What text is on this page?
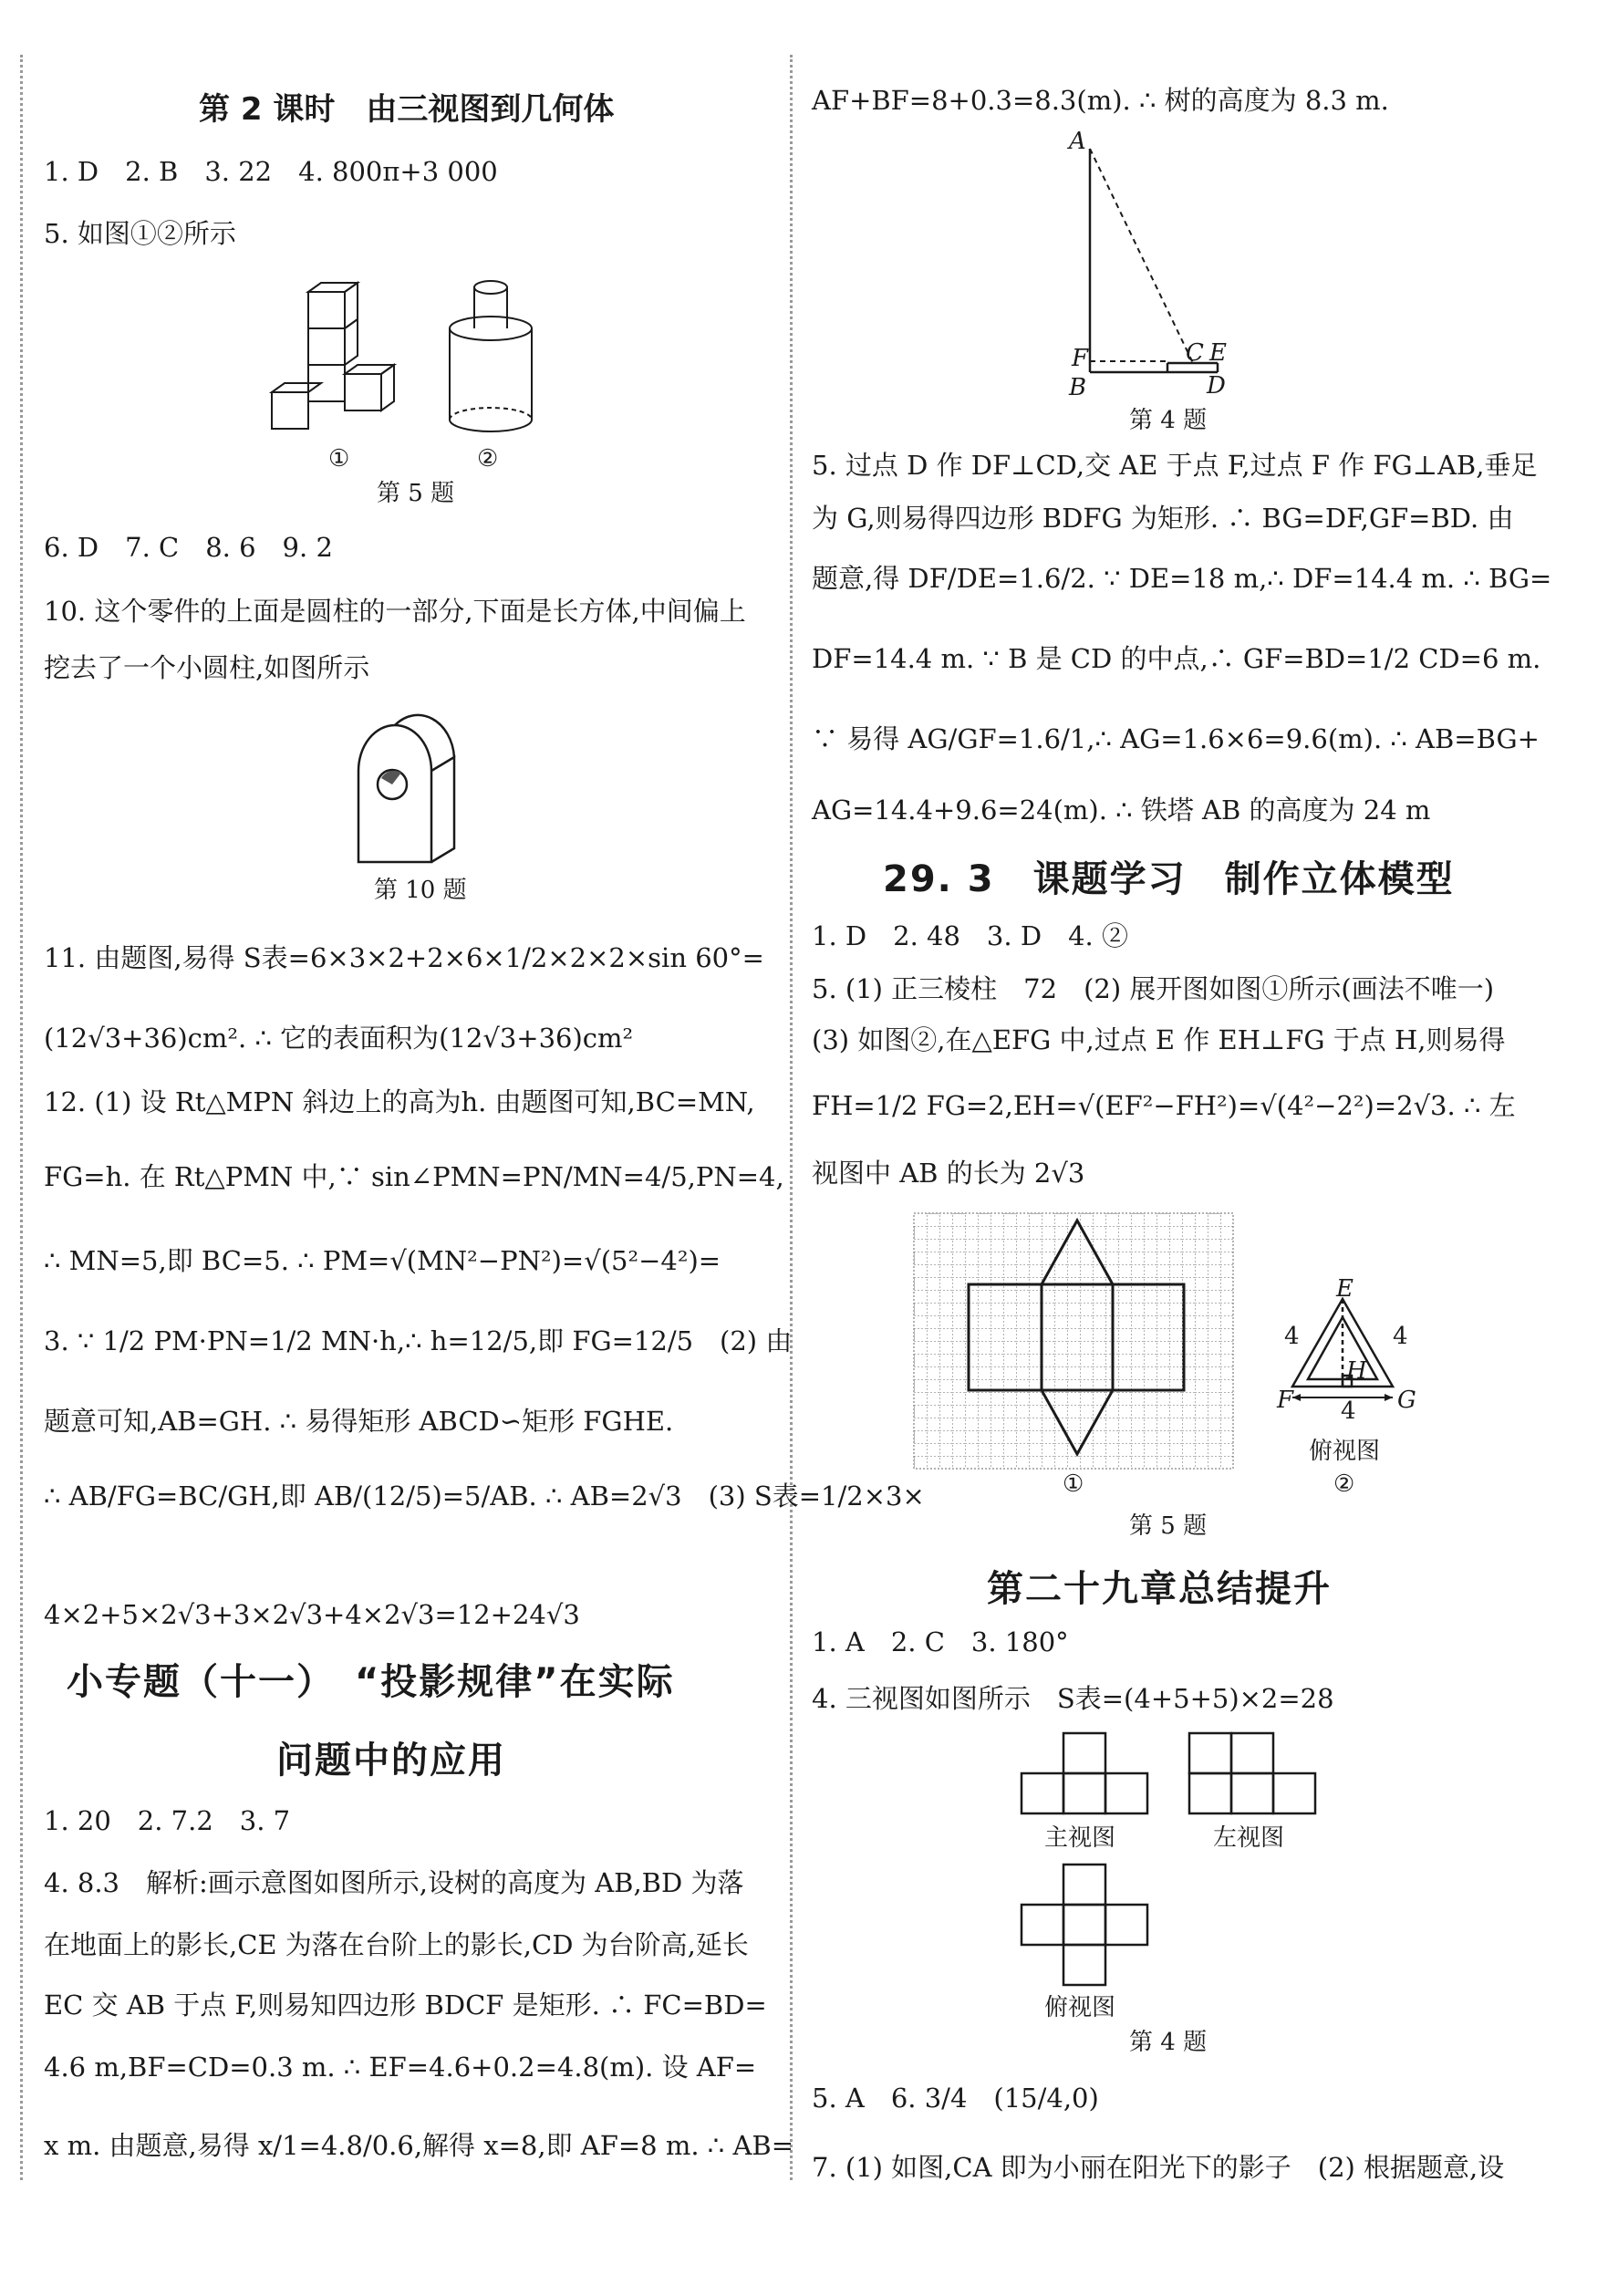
第 2 课时　由三视图到几何体
1. D　2. B　3. 22　4. 800π+3 000
5. 如图①②所示
①	②
第 5 题
6. D　7. C　8. 6　9. 2
10. 这个零件的上面是圆柱的一部分,下面是长方体,中间偏上
挖去了一个小圆柱,如图所示
第 10 题
11. 由题图,易得 S表=6×3×2+2×6×1/2×2×2×sin 60°=
(12√3+36)cm². ∴ 它的表面积为(12√3+36)cm²
12. (1) 设 Rt△MPN 斜边上的高为h. 由题图可知,BC=MN,
FG=h. 在 Rt△PMN 中,∵ sin∠PMN=PN/MN=4/5,PN=4,
∴ MN=5,即 BC=5. ∴ PM=√(MN²−PN²)=√(5²−4²)=
3. ∵ 1/2 PM·PN=1/2 MN·h,∴ h=12/5,即 FG=12/5　(2) 由
题意可知,AB=GH. ∴ 易得矩形 ABCD∽矩形 FGHE.
∴ AB/FG=BC/GH,即 AB/(12/5)=5/AB. ∴ AB=2√3　(3) S表=1/2×3×
4×2+5×2√3+3×2√3+4×2√3=12+24√3
小专题（十一）　“投影规律”在实际
问题中的应用
1. 20　2. 7.2　3. 7
4. 8.3　解析:画示意图如图所示,设树的高度为 AB,BD 为落
在地面上的影长,CE 为落在台阶上的影长,CD 为台阶高,延长
EC 交 AB 于点 F,则易知四边形 BDCF 是矩形. ∴ FC=BD=
4.6 m,BF=CD=0.3 m. ∴ EF=4.6+0.2=4.8(m). 设 AF=
x m. 由题意,易得 x/1=4.8/0.6,解得 x=8,即 AF=8 m. ∴ AB=
AF+BF=8+0.3=8.3(m). ∴ 树的高度为 8.3 m.
A
F
B
C E
D
第 4 题
5. 过点 D 作 DF⊥CD,交 AE 于点 F,过点 F 作 FG⊥AB,垂足
为 G,则易得四边形 BDFG 为矩形. ∴ BG=DF,GF=BD. 由
题意,得 DF/DE=1.6/2. ∵ DE=18 m,∴ DF=14.4 m. ∴ BG=
DF=14.4 m. ∵ B 是 CD 的中点,∴ GF=BD=1/2 CD=6 m.
∵ 易得 AG/GF=1.6/1,∴ AG=1.6×6=9.6(m). ∴ AB=BG+
AG=14.4+9.6=24(m). ∴ 铁塔 AB 的高度为 24 m
29. 3　课题学习　制作立体模型
1. D　2. 48　3. D　4. ②
5. (1) 正三棱柱　72　(2) 展开图如图①所示(画法不唯一)
(3) 如图②,在△EFG 中,过点 E 作 EH⊥FG 于点 H,则易得
FH=1/2 FG=2,EH=√(EF²−FH²)=√(4²−2²)=2√3. ∴ 左
视图中 AB 的长为 2√3
E
4	4
H
F 4 G
俯视图
①	②
第 5 题
第二十九章总结提升
1. A　2. C　3. 180°
4. 三视图如图所示　S表=(4+5+5)×2=28
主视图	左视图
俯视图
第 4 题
5. A　6. 3/4　(15/4,0)
7. (1) 如图,CA 即为小丽在阳光下的影子　(2) 根据题意,设
